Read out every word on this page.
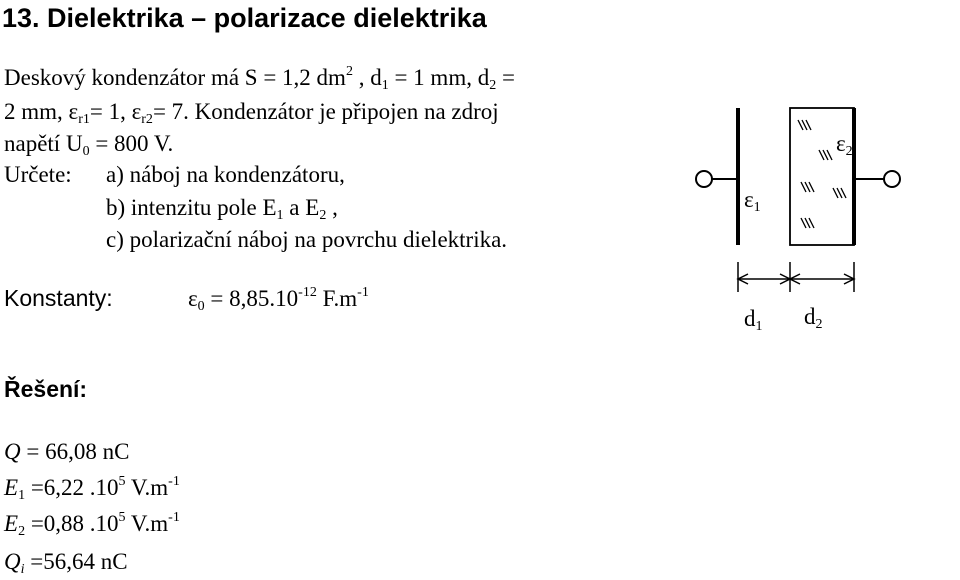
13. Dielektrika – polarizace dielektrika
Deskový kondenzátor má S = 1,2 $dm^2$ , $d_1 = 1$ mm, $d_2$ =
2 mm, $\varepsilon_{r1}= 1$, $\varepsilon_{r2}= 7$. Kondenzátor je připojen na zdroj
napětí $U_0 = 800$ V.
Určete: a) náboj na kondenzátoru,
b) intenzitu pole $E_1$ a $E_2$ ,
c) polarizační náboj na povrchu dielektrika.
Konstanty:	$\varepsilon_0 = 8,85.10^{-12}$ $F.m^{-1}$
Řešení:
Q = 66,08 nC
$E_1 =6,22$ $.10^5$ $V.m^{-1}$
$E_2 =0,88$ $.10^5$ $V.m^{-1}$
$Q_i =56,64$ nC
ε2
ε1
d1 d2
